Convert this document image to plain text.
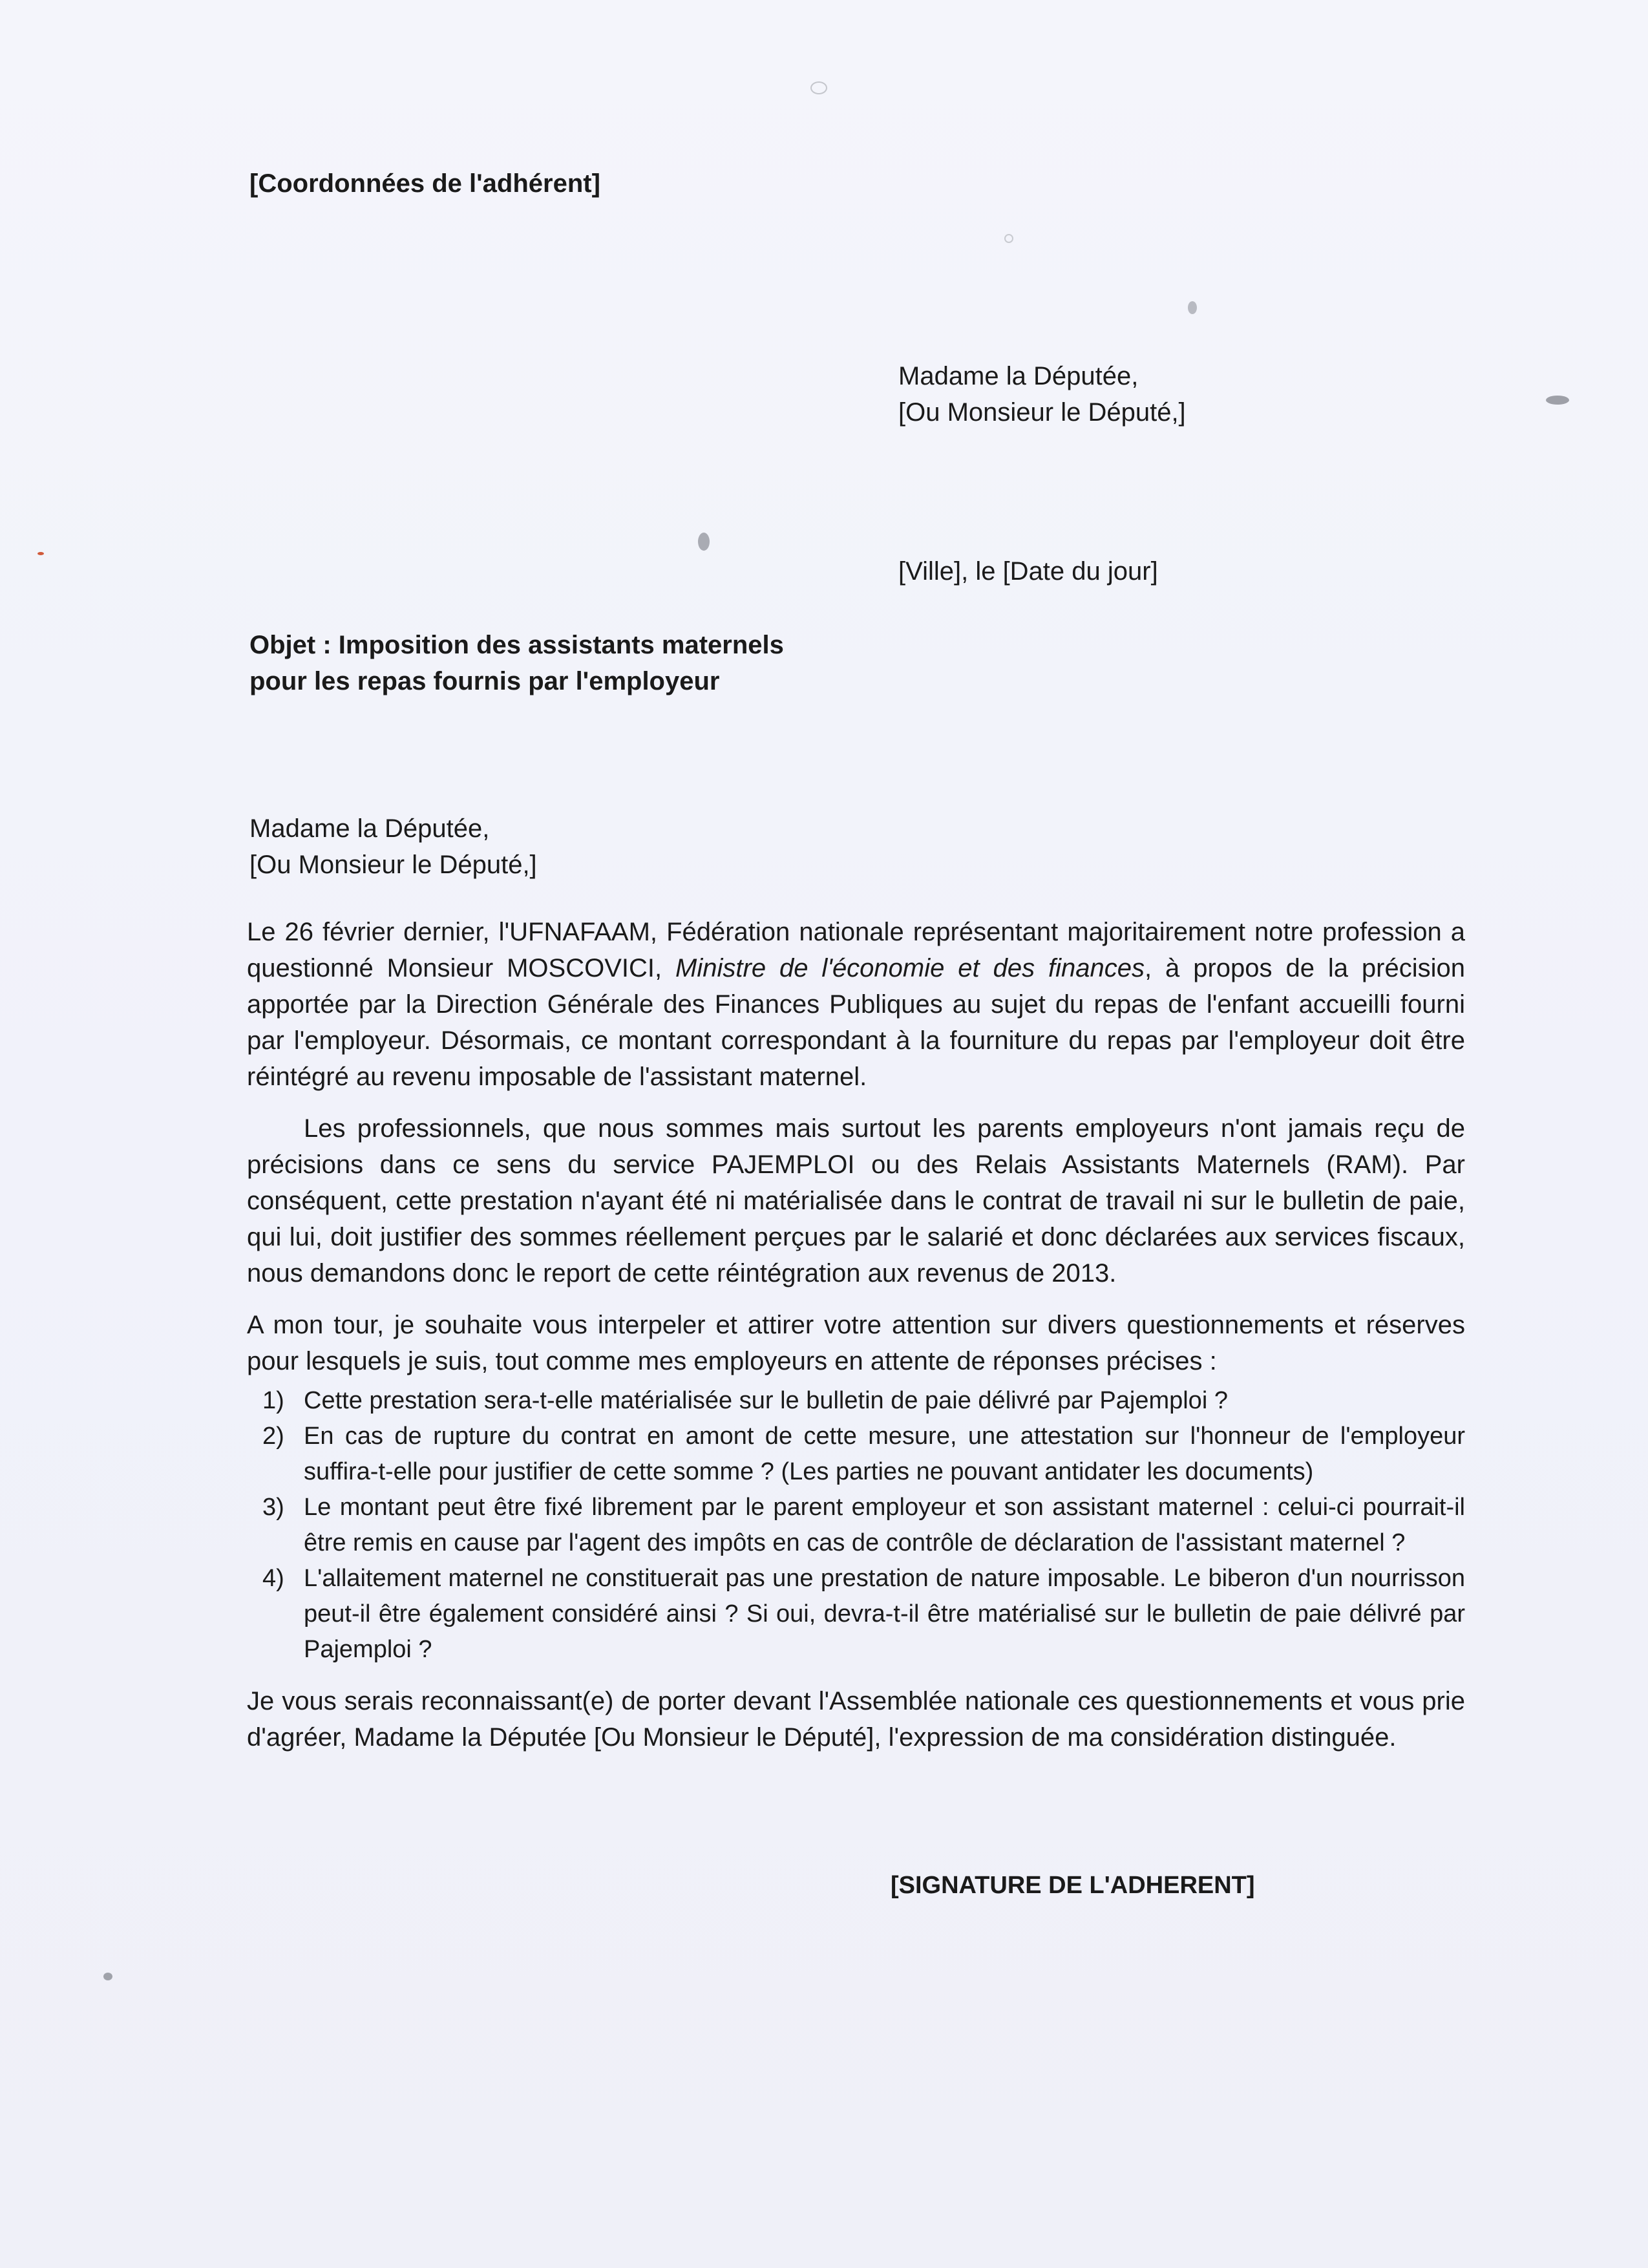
[Coordonnées de l'adhérent]
Madame la Députée,
[Ou Monsieur le Député,]
[Ville], le [Date du jour]
Objet : Imposition des assistants maternels
pour les repas fournis par l'employeur
Madame la Députée,
[Ou Monsieur le Député,]

Le 26 février dernier, l'UFNAFAAM, Fédération nationale représentant majoritairement notre profession a questionné Monsieur MOSCOVICI, Ministre de l'économie et des finances, à propos de la précision apportée par la Direction Générale des Finances Publiques au sujet du repas de l'enfant accueilli fourni par l'employeur. Désormais, ce montant correspondant à la fourniture du repas par l'employeur doit être réintégré au revenu imposable de l'assistant maternel.

Les professionnels, que nous sommes mais surtout les parents employeurs n'ont jamais reçu de précisions dans ce sens du service PAJEMPLOI ou des Relais Assistants Maternels (RAM). Par conséquent, cette prestation n'ayant été ni matérialisée dans le contrat de travail ni sur le bulletin de paie, qui lui, doit justifier des sommes réellement perçues par le salarié et donc déclarées aux services fiscaux, nous demandons donc le report de cette réintégration aux revenus de 2013.

A mon tour, je souhaite vous interpeler et attirer votre attention sur divers questionnements et réserves pour lesquels je suis, tout comme mes employeurs en attente de réponses précises :

1) Cette prestation sera-t-elle matérialisée sur le bulletin de paie délivré par Pajemploi ?
2) En cas de rupture du contrat en amont de cette mesure, une attestation sur l'honneur de l'employeur suffira-t-elle pour justifier de cette somme ? (Les parties ne pouvant antidater les documents)
3) Le montant peut être fixé librement par le parent employeur et son assistant maternel : celui-ci pourrait-il être remis en cause par l'agent des impôts en cas de contrôle de déclaration de l'assistant maternel ?
4) L'allaitement maternel ne constituerait pas une prestation de nature imposable. Le biberon d'un nourrisson peut-il être également considéré ainsi ? Si oui, devra-t-il être matérialisé sur le bulletin de paie délivré par Pajemploi ?

Je vous serais reconnaissant(e) de porter devant l'Assemblée nationale ces questionnements et vous prie d'agréer, Madame la Députée [Ou Monsieur le Député], l'expression de ma considération distinguée.

[SIGNATURE DE L'ADHERENT]
